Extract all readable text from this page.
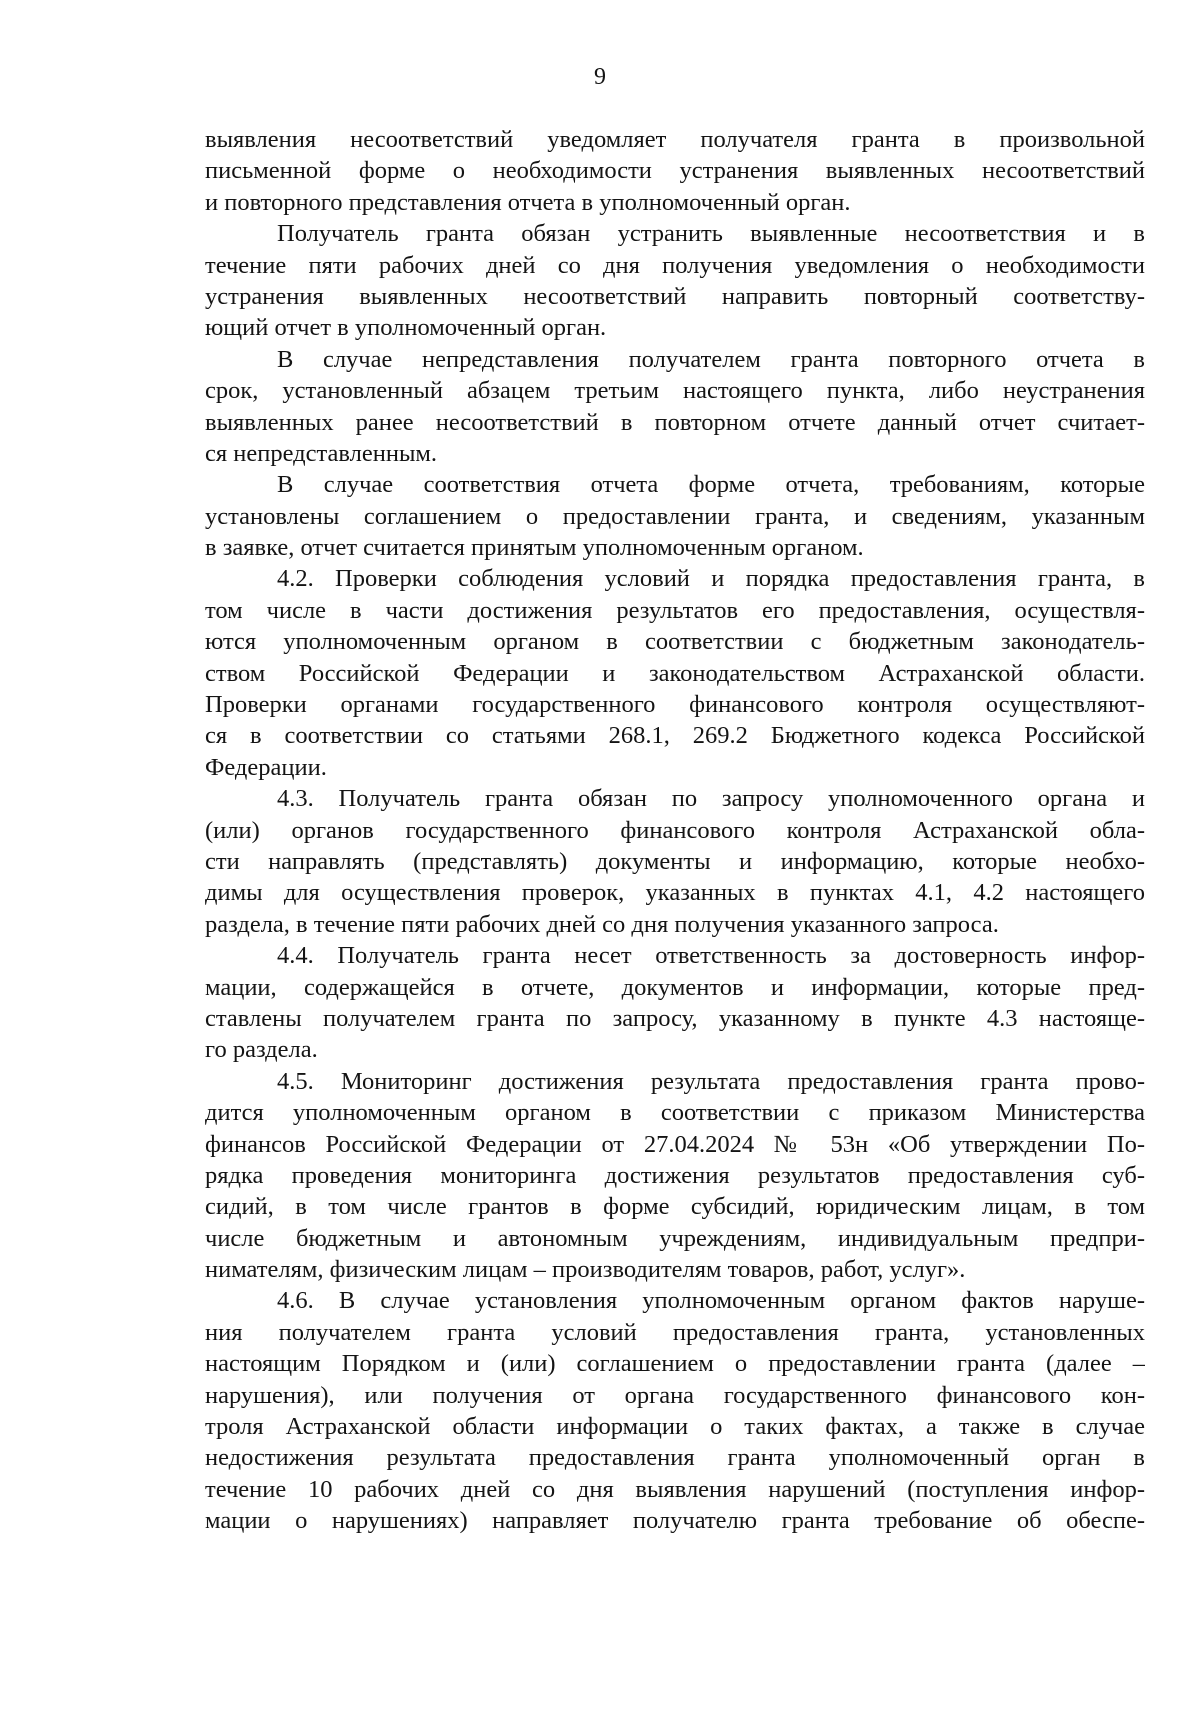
9
выявления несоответствий уведомляет получателя гранта в произвольной
письменной форме о необходимости устранения выявленных несоответствий
и повторного представления отчета в уполномоченный орган.
Получатель гранта обязан устранить выявленные несоответствия и в
течение пяти рабочих дней со дня получения уведомления о необходимости
устранения выявленных несоответствий направить повторный соответству-
ющий отчет в уполномоченный орган.
В случае непредставления получателем гранта повторного отчета в
срок, установленный абзацем третьим настоящего пункта, либо неустранения
выявленных ранее несоответствий в повторном отчете данный отчет считает-
ся непредставленным.
В случае соответствия отчета форме отчета, требованиям, которые
установлены соглашением о предоставлении гранта, и сведениям, указанным
в заявке, отчет считается принятым уполномоченным органом.
4.2. Проверки соблюдения условий и порядка предоставления гранта, в
том числе в части достижения результатов его предоставления, осуществля-
ются уполномоченным органом в соответствии с бюджетным законодатель-
ством Российской Федерации и законодательством Астраханской области.
Проверки органами государственного финансового контроля осуществляют-
ся в соответствии со статьями 268.1, 269.2 Бюджетного кодекса Российской
Федерации.
4.3. Получатель гранта обязан по запросу уполномоченного органа и
(или) органов государственного финансового контроля Астраханской обла-
сти направлять (представлять) документы и информацию, которые необхо-
димы для осуществления проверок, указанных в пунктах 4.1, 4.2 настоящего
раздела, в течение пяти рабочих дней со дня получения указанного запроса.
4.4. Получатель гранта несет ответственность за достоверность инфор-
мации, содержащейся в отчете, документов и информации, которые пред-
ставлены получателем гранта по запросу, указанному в пункте 4.3 настояще-
го раздела.
4.5. Мониторинг достижения результата предоставления гранта прово-
дится уполномоченным органом в соответствии с приказом Министерства
финансов Российской Федерации от 27.04.2024 № 53н «Об утверждении По-
рядка проведения мониторинга достижения результатов предоставления суб-
сидий, в том числе грантов в форме субсидий, юридическим лицам, в том
числе бюджетным и автономным учреждениям, индивидуальным предпри-
нимателям, физическим лицам – производителям товаров, работ, услуг».
4.6. В случае установления уполномоченным органом фактов наруше-
ния получателем гранта условий предоставления гранта, установленных
настоящим Порядком и (или) соглашением о предоставлении гранта (далее –
нарушения), или получения от органа государственного финансового кон-
троля Астраханской области информации о таких фактах, а также в случае
недостижения результата предоставления гранта уполномоченный орган в
течение 10 рабочих дней со дня выявления нарушений (поступления инфор-
мации о нарушениях) направляет получателю гранта требование об обеспе-
